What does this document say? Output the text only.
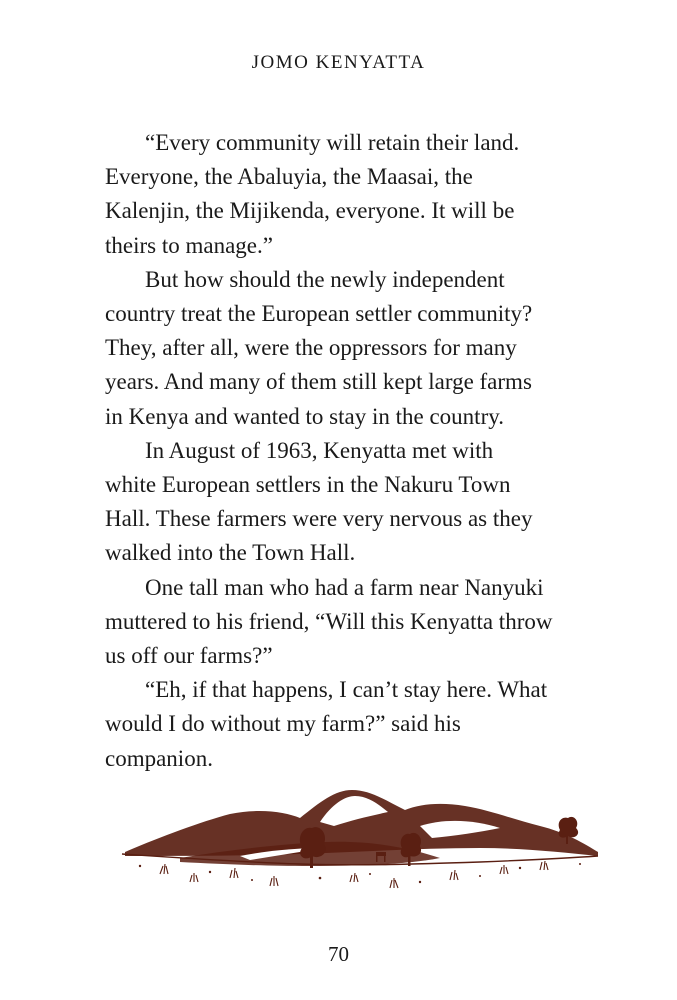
JOMO KENYATTA
“Every community will retain their land.
Everyone, the Abaluyia, the Maasai, the
Kalenjin, the Mijikenda, everyone. It will be
theirs to manage.”
But how should the newly independent
country treat the European settler community?
They, after all, were the oppressors for many
years. And many of them still kept large farms
in Kenya and wanted to stay in the country.
In August of 1963, Kenyatta met with
white European settlers in the Nakuru Town
Hall. These farmers were very nervous as they
walked into the Town Hall.
One tall man who had a farm near Nanyuki
muttered to his friend, “Will this Kenyatta throw
us off our farms?”
“Eh, if that happens, I can’t stay here. What
would I do without my farm?” said his
companion.
70
